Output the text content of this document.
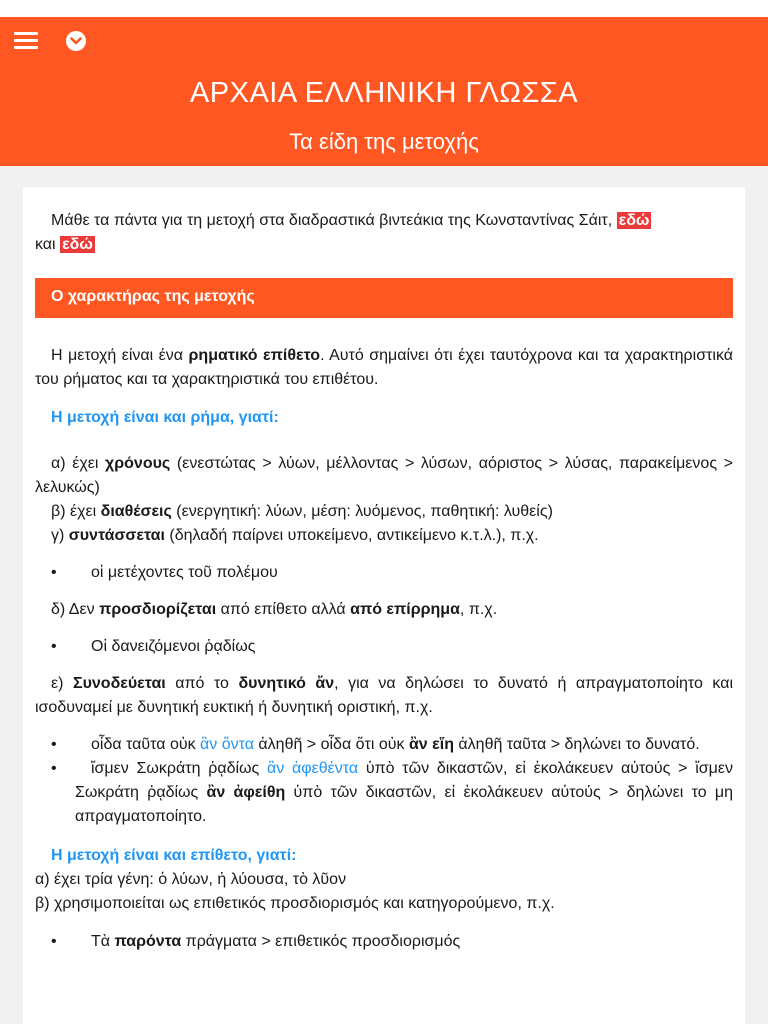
ΑΡΧΑΙΑ ΕΛΛΗΝΙΚΗ ΓΛΩΣΣΑ
Τα είδη της μετοχής

Μάθε τα πάντα για τη μετοχή στα διαδραστικά βιντεάκια της Κωνσταντίνας Σάιτ, εδώ
και εδώ

Ο χαρακτήρας της μετοχής

Η μετοχή είναι ένα ρηματικό επίθετο. Αυτό σημαίνει ότι έχει ταυτόχρονα και τα χαρακτηριστικά του ρήματος και τα χαρακτηριστικά του επιθέτου.

Η μετοχή είναι και ρήμα, γιατί:

α) έχει χρόνους (ενεστώτας > λύων, μέλλοντας > λύσων, αόριστος > λύσας, παρακείμενος > λελυκώς)

β) έχει διαθέσεις (ενεργητική: λύων, μέση: λυόμενος, παθητική: λυθείς)

γ) συντάσσεται (δηλαδή παίρνει υποκείμενο, αντικείμενο κ.τ.λ.), π.χ.

• οἱ μετέχοντες τοῦ πολέμου

δ) Δεν προσδιορίζεται από επίθετο αλλά από επίρρημα, π.χ.

• Οἱ δανειζόμενοι ῥᾳδίως

ε) Συνοδεύεται από το δυνητικό ἄν, για να δηλώσει το δυνατό ή απραγματοποίητο και ισοδυναμεί με δυνητική ευκτική ή δυνητική οριστική, π.χ.

• οἶδα ταῦτα οὐκ ἂν ὄντα ἀληθῆ > οἶδα ὅτι οὐκ ἂν εἴη ἀληθῆ ταῦτα > δηλώνει το δυνατό.
• ἴσμεν Σωκράτη ῥᾳδίως ἂν ἀφεθέντα ὑπὸ τῶν δικαστῶν, εἰ ἐκολάκευεν αὐτούς > ἴσμεν Σωκράτη ῥᾳδίως ἂν ἀφείθη ὑπὸ τῶν δικαστῶν, εἰ ἐκολάκευεν αὐτούς > δηλώνει το μη απραγματοποίητο.

Η μετοχή είναι και επίθετο, γιατί:

α) έχει τρία γένη: ὁ λύων, ἡ λύουσα, τὸ λῦον

β) χρησιμοποιείται ως επιθετικός προσδιορισμός και κατηγορούμενο, π.χ.

• Τὰ παρόντα πράγματα > επιθετικός προσδιορισμός
